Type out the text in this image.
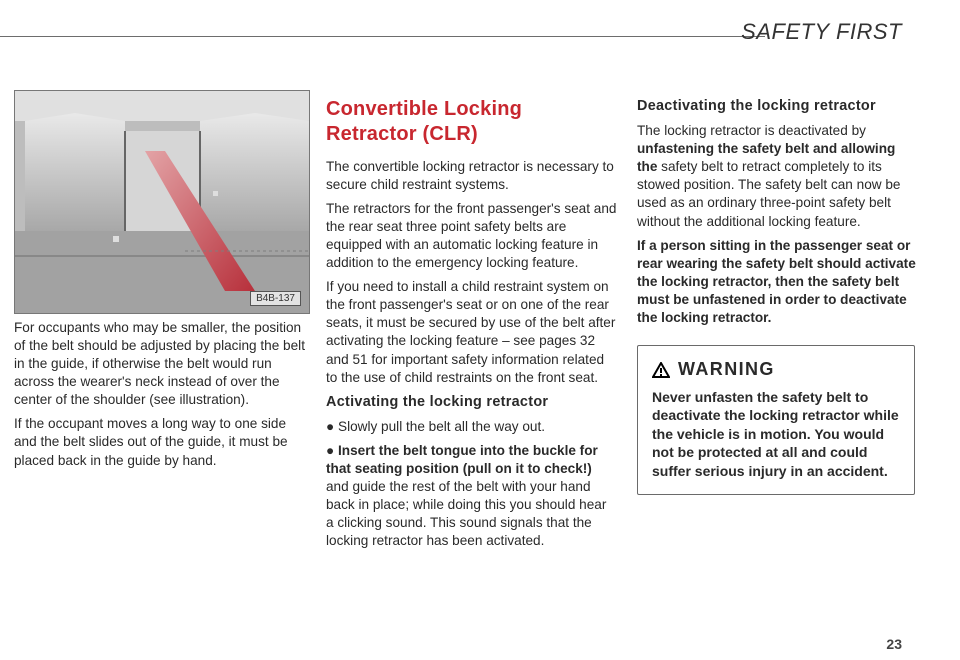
SAFETY FIRST
B4B-137

For occupants who may be smaller, the position of the belt should be adjusted by placing the belt in the guide, if otherwise the belt would run across the wearer's neck instead of over the center of the shoulder (see illustration).

If the occupant moves a long way to one side and the belt slides out of the guide, it must be placed back in the guide by hand.

Convertible Locking Retractor (CLR)

The convertible locking retractor is necessary to secure child restraint systems.

The retractors for the front passenger's seat and the rear seat three point safety belts are equipped with an automatic locking feature in addition to the emergency locking feature.

If you need to install a child restraint system on the front passenger's seat or on one of the rear seats, it must be secured by use of the belt after activating the locking feature – see pages 32 and 51 for important safety information related to the use of child restraints on the front seat.

Activating the locking retractor

● Slowly pull the belt all the way out.

● Insert the belt tongue into the buckle for that seating position (pull on it to check!) and guide the rest of the belt with your hand back in place; while doing this you should hear a clicking sound. This sound signals that the locking retractor has been activated.

Deactivating the locking retractor

The locking retractor is deactivated by unfastening the safety belt and allowing the safety belt to retract completely to its stowed position. The safety belt can now be used as an ordinary three-point safety belt without the additional locking feature.

If a person sitting in the passenger seat or rear wearing the safety belt should activate the locking retractor, then the safety belt must be unfastened in order to deactivate the locking retractor.

WARNING
Never unfasten the safety belt to deactivate the locking retractor while the vehicle is in motion. You would not be protected at all and could suffer serious injury in an accident.
23
